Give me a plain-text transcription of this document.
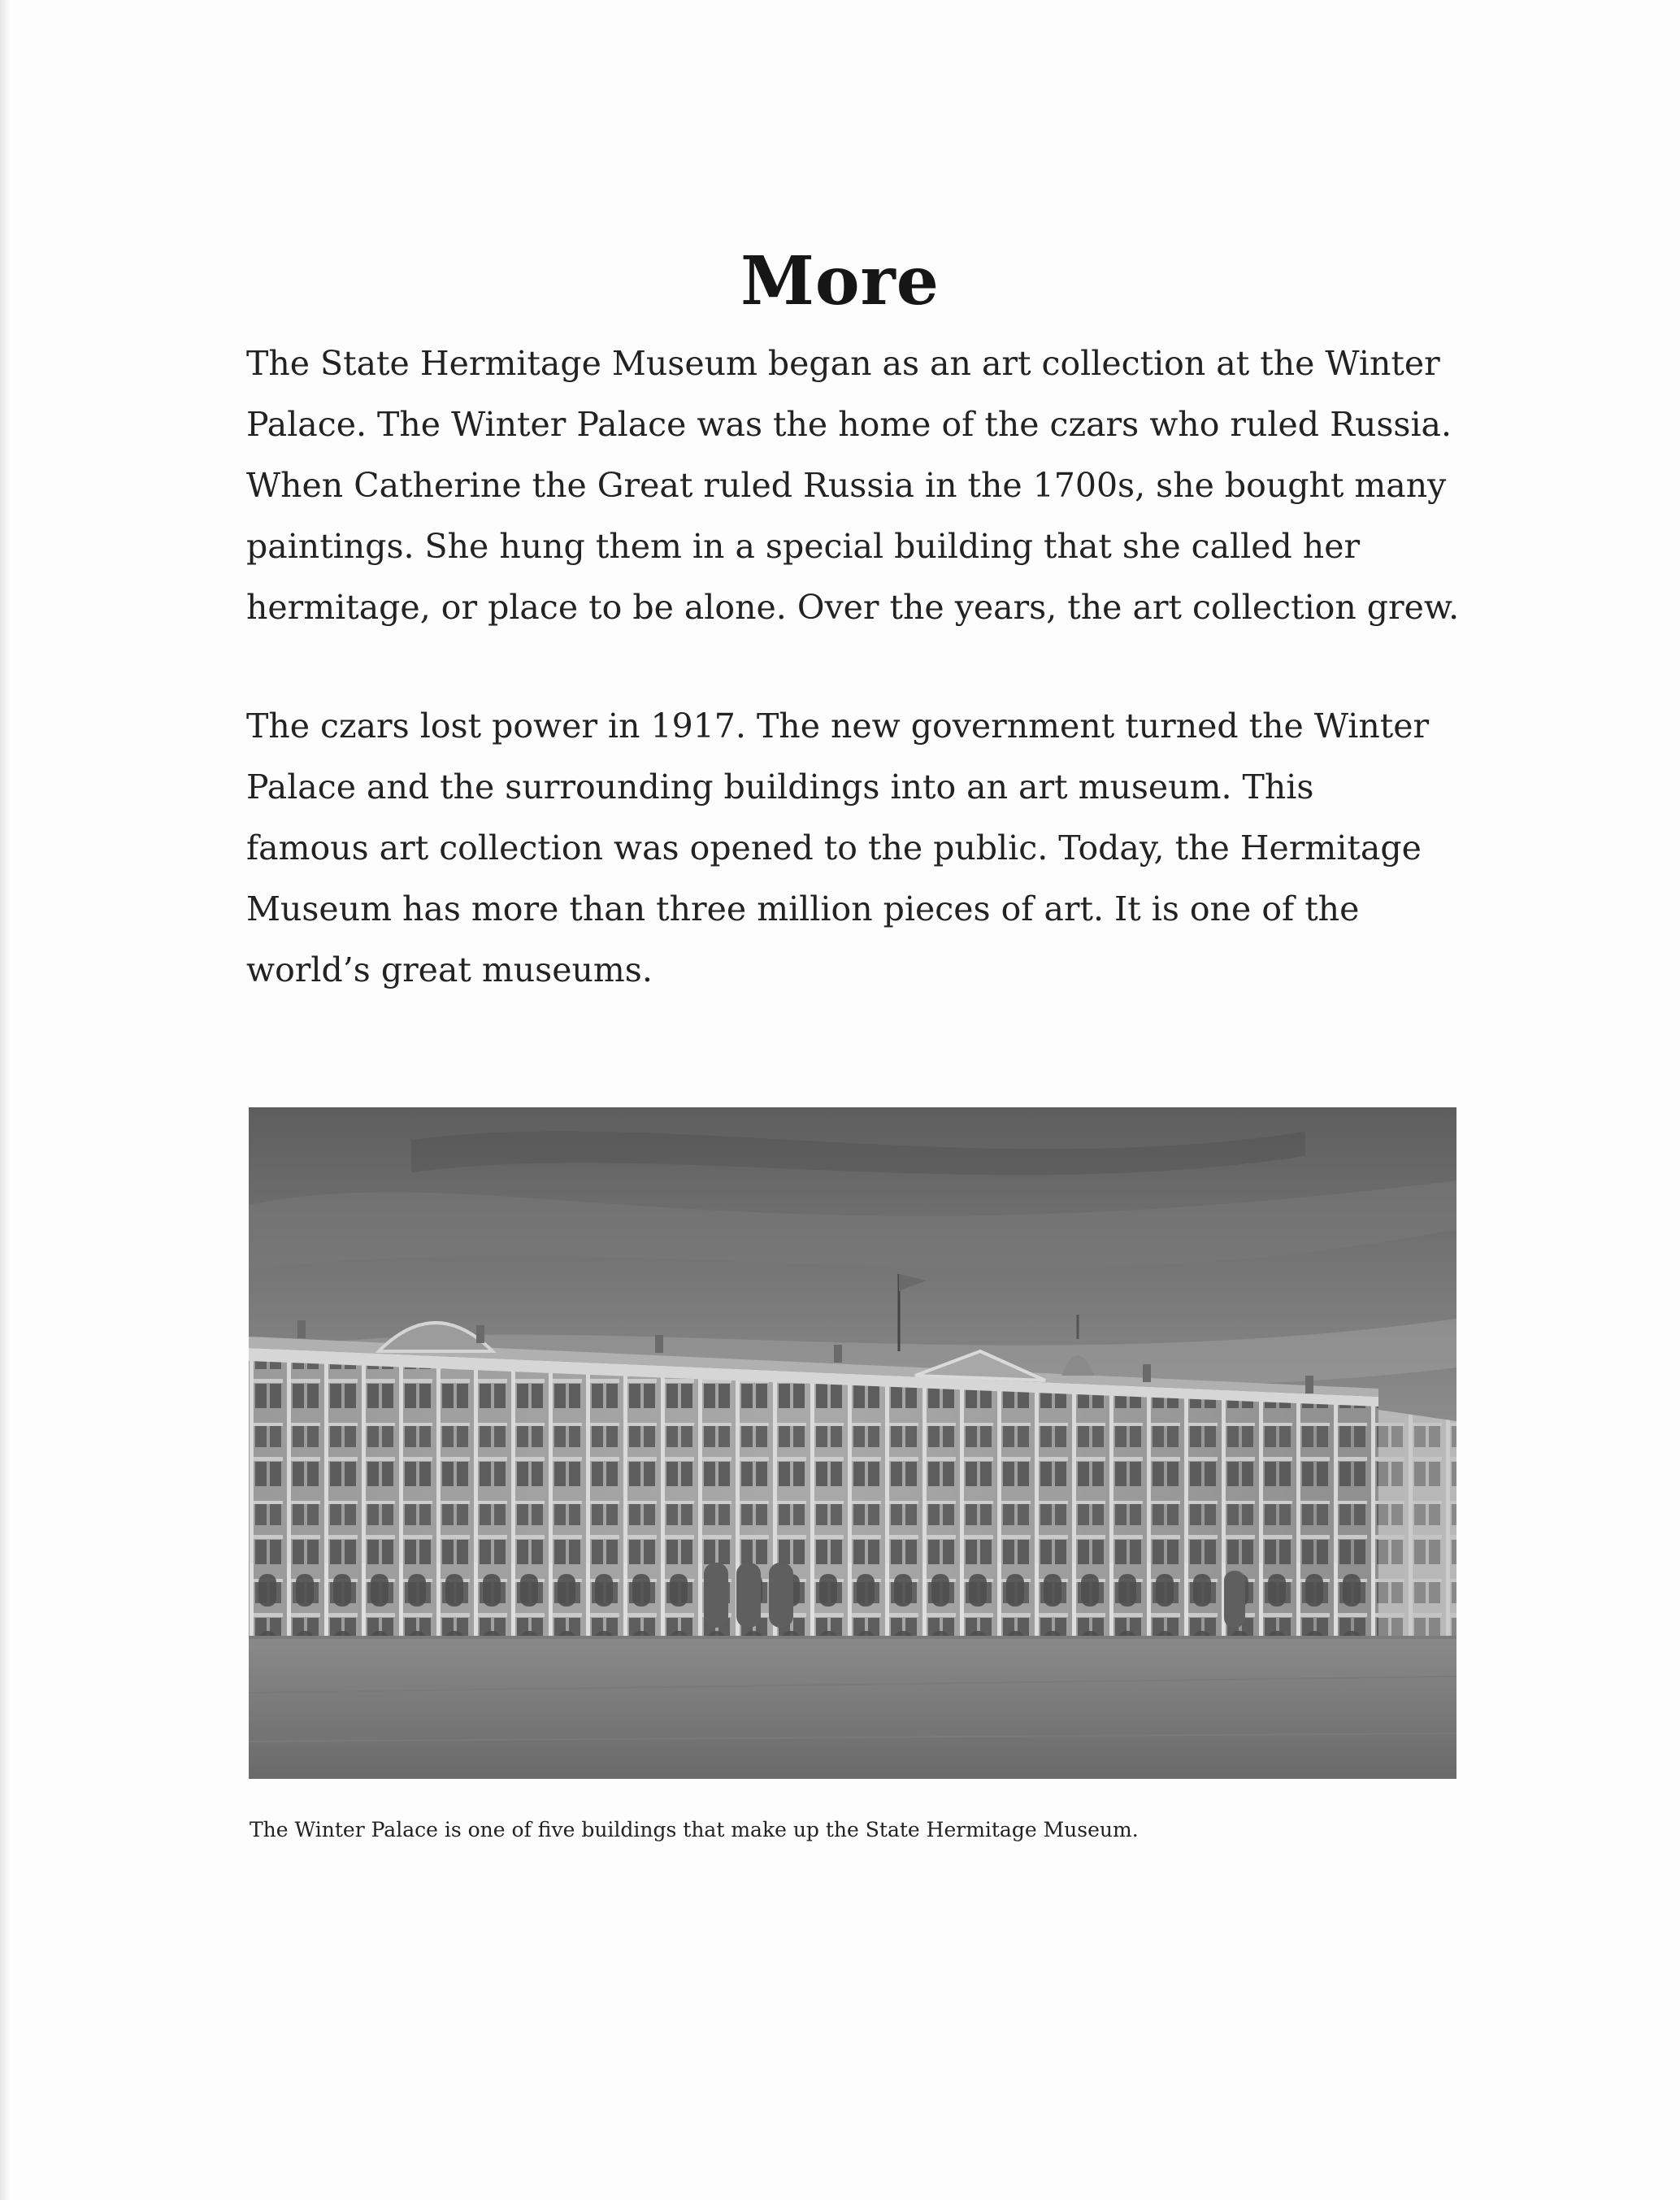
More

The State Hermitage Museum began as an art collection at the Winter
Palace. The Winter Palace was the home of the czars who ruled Russia.
When Catherine the Great ruled Russia in the 1700s, she bought many
paintings. She hung them in a special building that she called her
hermitage, or place to be alone. Over the years, the art collection grew.

The czars lost power in 1917. The new government turned the Winter
Palace and the surrounding buildings into an art museum. This
famous art collection was opened to the public. Today, the Hermitage
Museum has more than three million pieces of art. It is one of the
world’s great museums.

The Winter Palace is one of five buildings that make up the State Hermitage Museum.
